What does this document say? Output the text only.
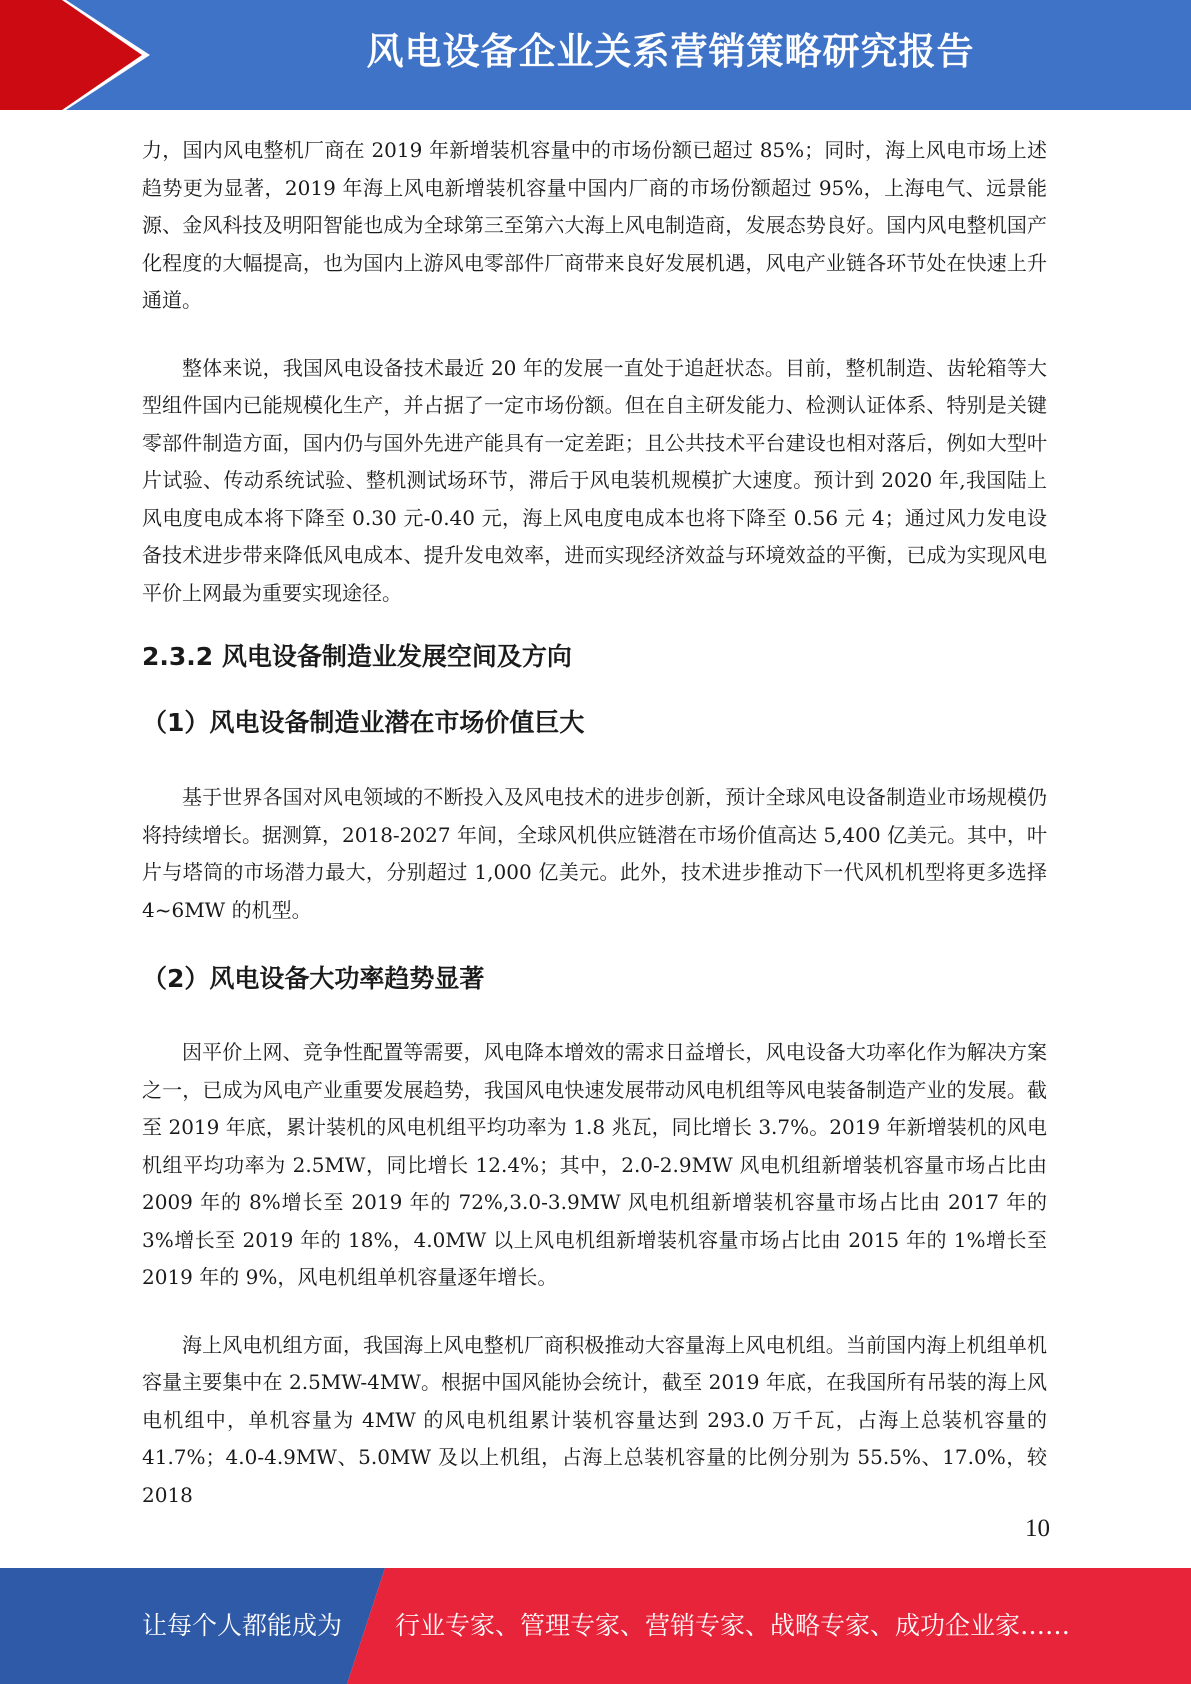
风电设备企业关系营销策略研究报告

力，国内风电整机厂商在 2019 年新增装机容量中的市场份额已超过 85%；同时，海上风电市场上述趋势更为显著，2019 年海上风电新增装机容量中国内厂商的市场份额超过 95%，上海电气、远景能源、金风科技及明阳智能也成为全球第三至第六大海上风电制造商，发展态势良好。国内风电整机国产化程度的大幅提高，也为国内上游风电零部件厂商带来良好发展机遇，风电产业链各环节处在快速上升通道。

整体来说，我国风电设备技术最近 20 年的发展一直处于追赶状态。目前，整机制造、齿轮箱等大型组件国内已能规模化生产，并占据了一定市场份额。但在自主研发能力、检测认证体系、特别是关键零部件制造方面，国内仍与国外先进产能具有一定差距；且公共技术平台建设也相对落后，例如大型叶片试验、传动系统试验、整机测试场环节，滞后于风电装机规模扩大速度。预计到 2020 年,我国陆上风电度电成本将下降至 0.30 元-0.40 元，海上风电度电成本也将下降至 0.56 元 4；通过风力发电设备技术进步带来降低风电成本、提升发电效率，进而实现经济效益与环境效益的平衡，已成为实现风电平价上网最为重要实现途径。

2.3.2 风电设备制造业发展空间及方向
（1）风电设备制造业潜在市场价值巨大

基于世界各国对风电领域的不断投入及风电技术的进步创新，预计全球风电设备制造业市场规模仍将持续增长。据测算，2018-2027 年间，全球风机供应链潜在市场价值高达 5,400 亿美元。其中，叶片与塔筒的市场潜力最大，分别超过 1,000 亿美元。此外，技术进步推动下一代风机机型将更多选择 4~6MW 的机型。

（2）风电设备大功率趋势显著

因平价上网、竞争性配置等需要，风电降本增效的需求日益增长，风电设备大功率化作为解决方案之一，已成为风电产业重要发展趋势，我国风电快速发展带动风电机组等风电装备制造产业的发展。截至 2019 年底，累计装机的风电机组平均功率为 1.8 兆瓦，同比增长 3.7%。2019 年新增装机的风电机组平均功率为 2.5MW，同比增长 12.4%；其中，2.0-2.9MW 风电机组新增装机容量市场占比由 2009 年的 8%增长至 2019 年的 72%,3.0-3.9MW 风电机组新增装机容量市场占比由 2017 年的 3%增长至 2019 年的 18%，4.0MW 以上风电机组新增装机容量市场占比由 2015 年的 1%增长至 2019 年的 9%，风电机组单机容量逐年增长。

海上风电机组方面，我国海上风电整机厂商积极推动大容量海上风电机组。当前国内海上机组单机容量主要集中在 2.5MW-4MW。根据中国风能协会统计，截至 2019 年底，在我国所有吊装的海上风电机组中，单机容量为 4MW 的风电机组累计装机容量达到 293.0 万千瓦，占海上总装机容量的 41.7%；4.0-4.9MW、5.0MW 及以上机组，占海上总装机容量的比例分别为 55.5%、17.0%，较 2018

10
让每个人都能成为 行业专家、管理专家、营销专家、战略专家、成功企业家……
